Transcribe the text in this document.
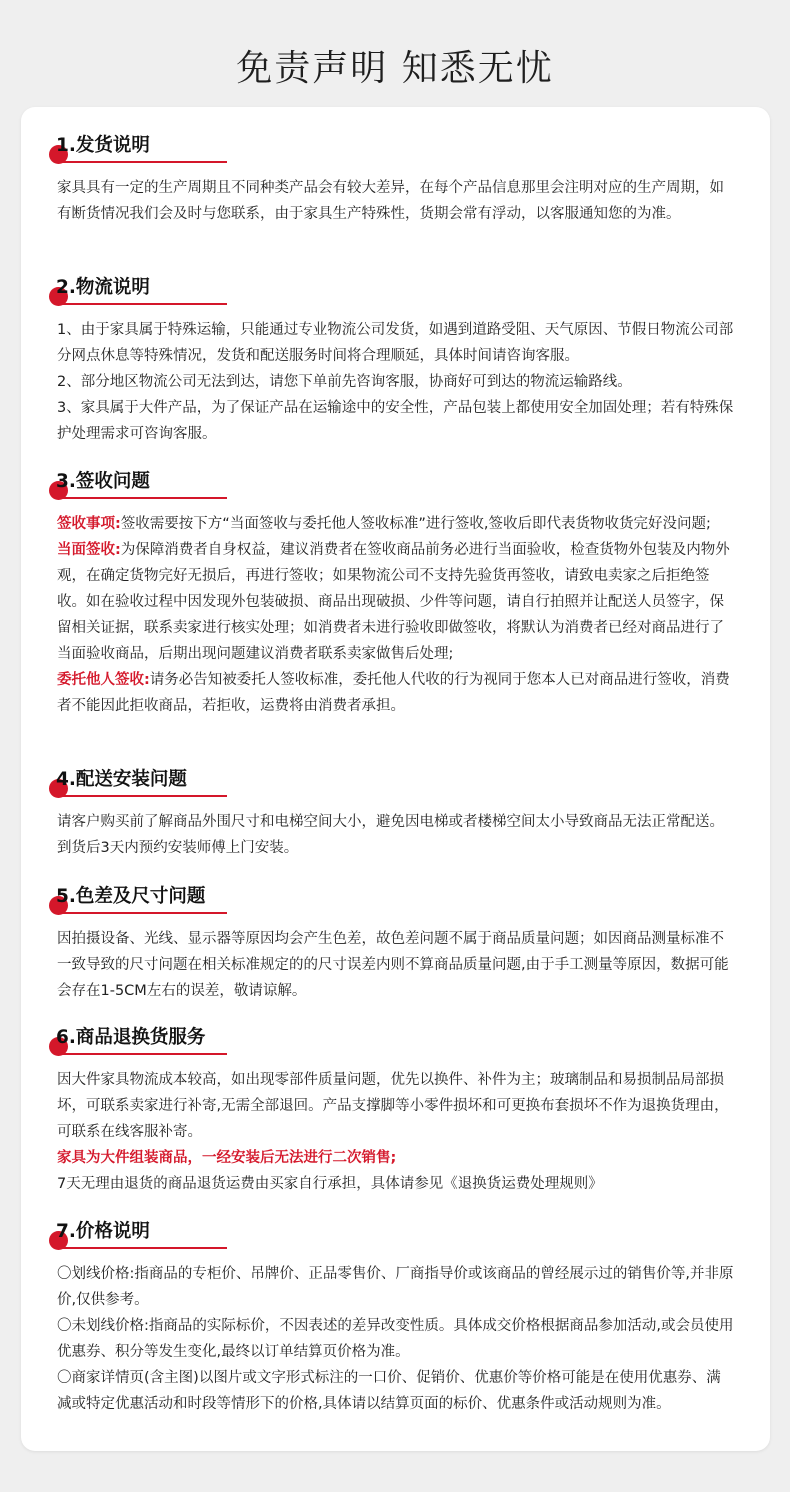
免责声明 知悉无忧
1.发货说明

家具具有一定的生产周期且不同种类产品会有较大差异，在每个产品信息那里会注明对应的生产周期，如有断货情况我们会及时与您联系，由于家具生产特殊性，货期会常有浮动，以客服通知您的为准。

2.物流说明

1、由于家具属于特殊运输，只能通过专业物流公司发货，如遇到道路受阻、天气原因、节假日物流公司部分网点休息等特殊情况，发货和配送服务时间将合理顺延，具体时间请咨询客服。

2、部分地区物流公司无法到达，请您下单前先咨询客服，协商好可到达的物流运输路线。

3、家具属于大件产品，为了保证产品在运输途中的安全性，产品包装上都使用安全加固处理；若有特殊保护处理需求可咨询客服。

3.签收问题

签收事项:签收需要按下方“当面签收与委托他人签收标准”进行签收,签收后即代表货物收货完好没问题;

当面签收:为保障消费者自身权益，建议消费者在签收商品前务必进行当面验收，检查货物外包装及内物外观，在确定货物完好无损后，再进行签收；如果物流公司不支持先验货再签收，请致电卖家之后拒绝签收。如在验收过程中因发现外包装破损、商品出现破损、少件等问题，请自行拍照并让配送人员签字，保留相关证据，联系卖家进行核实处理；如消费者未进行验收即做签收，将默认为消费者已经对商品进行了当面验收商品，后期出现问题建议消费者联系卖家做售后处理;

委托他人签收:请务必告知被委托人签收标准，委托他人代收的行为视同于您本人已对商品进行签收，消费者不能因此拒收商品，若拒收，运费将由消费者承担。

4.配送安装问题

请客户购买前了解商品外围尺寸和电梯空间大小，避免因电梯或者楼梯空间太小导致商品无法正常配送。到货后3天内预约安装师傅上门安装。

5.色差及尺寸问题

因拍摄设备、光线、显示器等原因均会产生色差，故色差问题不属于商品质量问题；如因商品测量标准不一致导致的尺寸问题在相关标准规定的的尺寸误差内则不算商品质量问题,由于手工测量等原因，数据可能会存在1-5CM左右的误差，敬请谅解。

6.商品退换货服务

因大件家具物流成本较高，如出现零部件质量问题，优先以换件、补件为主；玻璃制品和易损制品局部损坏，可联系卖家进行补寄,无需全部退回。产品支撑脚等小零件损坏和可更换布套损坏不作为退换货理由，可联系在线客服补寄。

家具为大件组装商品，一经安装后无法进行二次销售;

7天无理由退货的商品退货运费由买家自行承担，具体请参见《退换货运费处理规则》

7.价格说明

〇划线价格:指商品的专柜价、吊牌价、正品零售价、厂商指导价或该商品的曾经展示过的销售价等,并非原价,仅供参考。

〇未划线价格:指商品的实际标价，不因表述的差异改变性质。具体成交价格根据商品参加活动,或会员使用优惠券、积分等发生变化,最终以订单结算页价格为准。

〇商家详情页(含主图)以图片或文字形式标注的一口价、促销价、优惠价等价格可能是在使用优惠券、满减或特定优惠活动和时段等情形下的价格,具体请以结算页面的标价、优惠条件或活动规则为准。
